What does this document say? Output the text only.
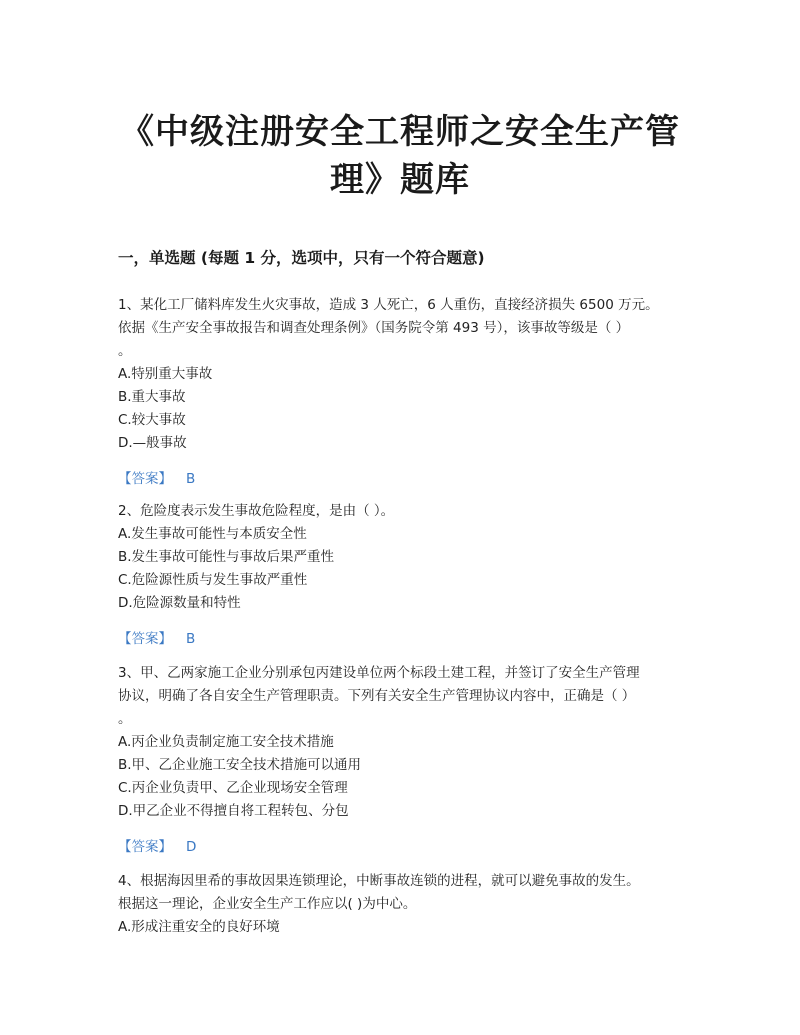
《中级注册安全工程师之安全生产管理》题库
一，单选题 (每题 1 分，选项中，只有一个符合题意)
1、某化工厂储料库发生火灾事故，造成 3 人死亡，6 人重伤，直接经济损失 6500 万元。
依据《生产安全事故报告和调查处理条例》（国务院令第 493 号），该事故等级是（ ）
。
A.特别重大事故
B.重大事故
C.较大事故
D.—般事故
【答案】 B
2、危险度表示发生事故危险程度，是由（ ）。
A.发生事故可能性与本质安全性
B.发生事故可能性与事故后果严重性
C.危险源性质与发生事故严重性
D.危险源数量和特性
【答案】 B
3、甲、乙两家施工企业分别承包丙建设单位两个标段土建工程，并签订了安全生产管理
协议，明确了各自安全生产管理职责。下列有关安全生产管理协议内容中，正确是（ ）
。
A.丙企业负责制定施工安全技术措施
B.甲、乙企业施工安全技术措施可以通用
C.丙企业负责甲、乙企业现场安全管理
D.甲乙企业不得擅自将工程转包、分包
【答案】 D
4、根据海因里希的事故因果连锁理论，中断事故连锁的进程，就可以避免事故的发生。
根据这一理论，企业安全生产工作应以( )为中心。
A.形成注重安全的良好环境
